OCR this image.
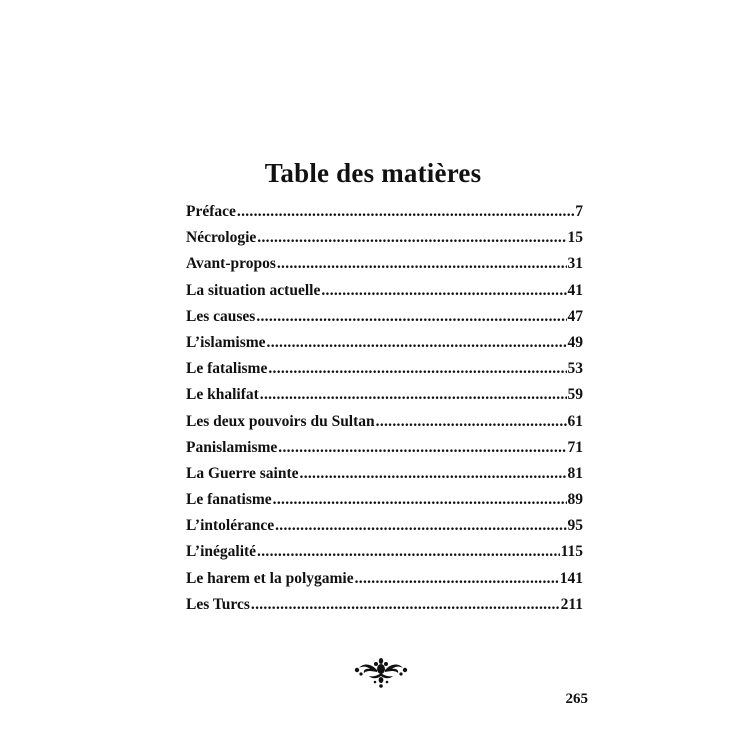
Table des matières
Préface .....	7
Nécrologie .....	15
Avant-propos .....	31
La situation actuelle .....	41
Les causes .....	47
L’islamisme .....	49
Le fatalisme .....	53
Le khalifat .....	59
Les deux pouvoirs du Sultan .....	61
Panislamisme .....	71
La Guerre sainte .....	81
Le fanatisme .....	89
L’intolérance .....	95
L’inégalité .....	115
Le harem et la polygamie .....	141
Les Turcs .....	211
265
